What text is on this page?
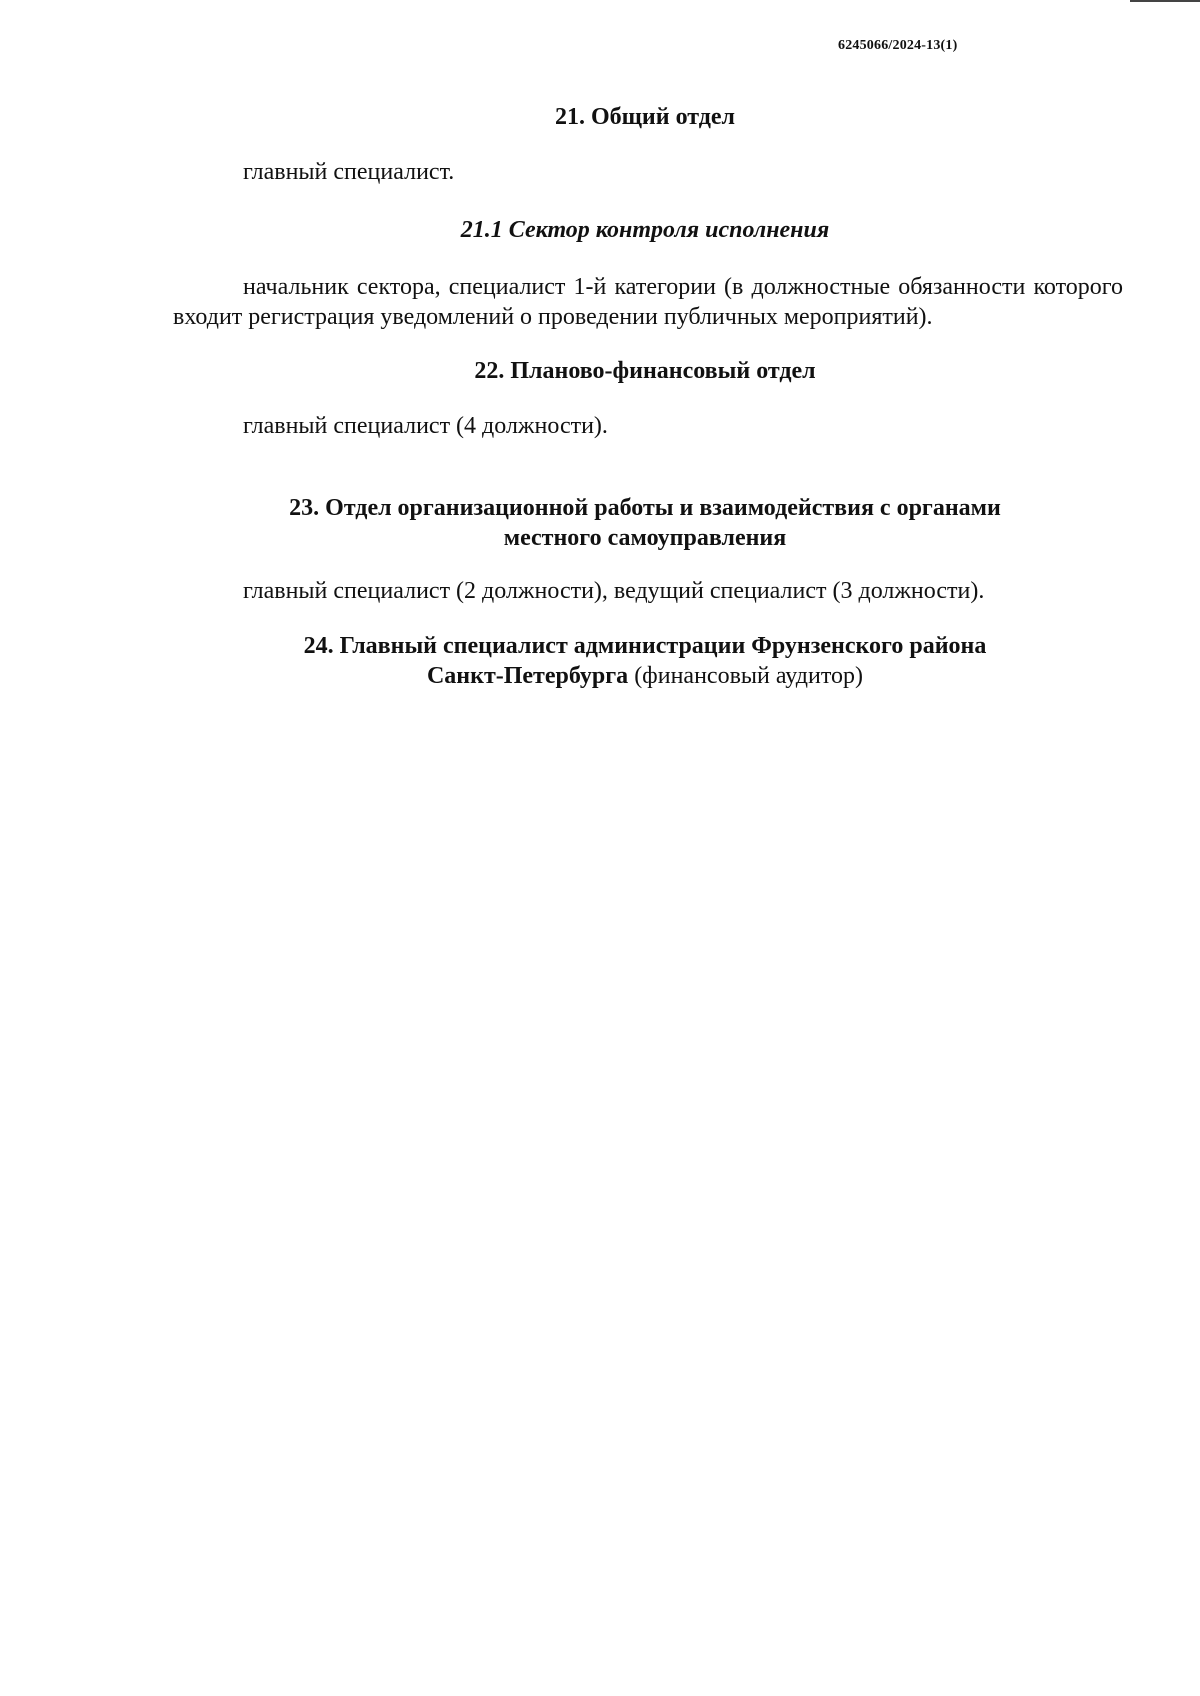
6245066/2024-13(1)
21. Общий отдел
главный специалист.
21.1 Сектор контроля исполнения
начальник сектора, специалист 1-й категории (в должностные обязанности которого входит регистрация уведомлений о проведении публичных мероприятий).
22. Планово-финансовый отдел
главный специалист (4 должности).
23. Отдел организационной работы и взаимодействия с органами
местного самоуправления
главный специалист (2 должности), ведущий специалист (3 должности).
24. Главный специалист администрации Фрунзенского района
Санкт-Петербурга (финансовый аудитор)
